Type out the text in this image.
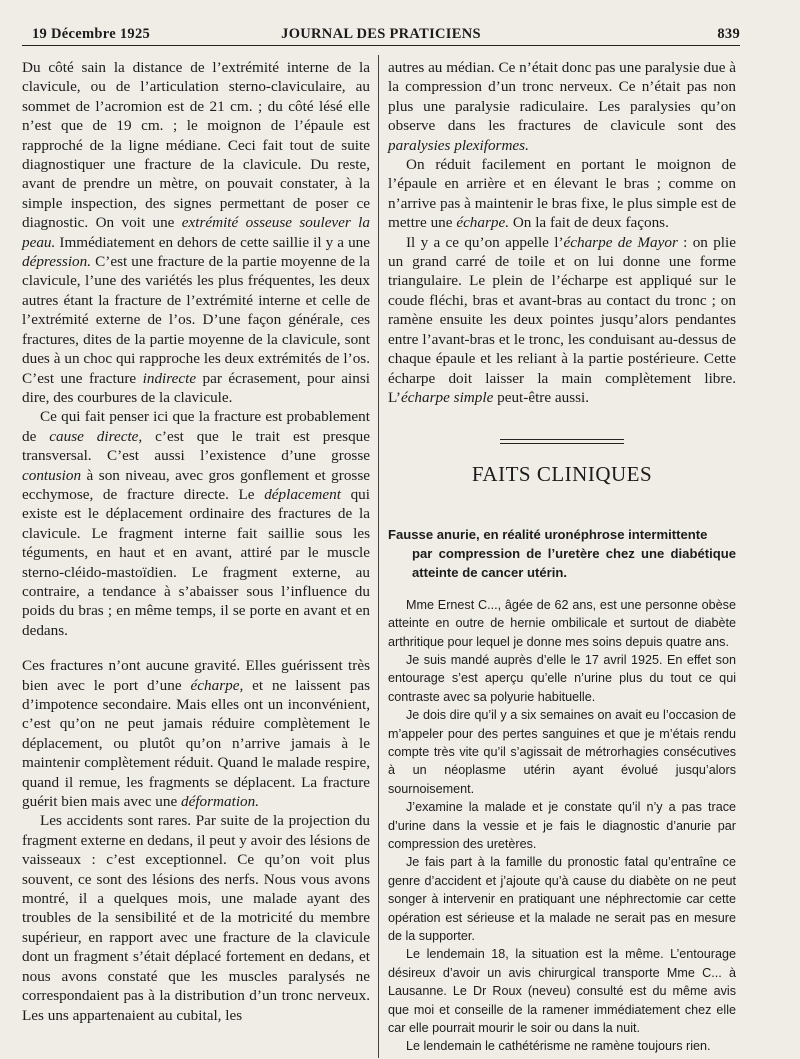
19 Décembre 1925	JOURNAL DES PRATICIENS	839

Du côté sain la distance de l’extrémité interne de la clavicule, ou de l’articulation sterno-claviculaire, au sommet de l’acromion est de 21 cm. ; du côté lésé elle n’est que de 19 cm. ; le moignon de l’épaule est rapproché de la ligne médiane. Ceci fait tout de suite diagnostiquer une fracture de la clavicule. Du reste, avant de prendre un mètre, on pouvait constater, à la simple inspection, des signes permettant de poser ce diagnostic. On voit une extrémité osseuse soulever la peau. Immédiatement en dehors de cette saillie il y a une dépression. C’est une fracture de la partie moyenne de la clavicule, l’une des variétés les plus fréquentes, les deux autres étant la fracture de l’extrémité interne et celle de l’extrémité externe de l’os. D’une façon générale, ces fractures, dites de la partie moyenne de la clavicule, sont dues à un choc qui rapproche les deux extrémités de l’os. C’est une fracture indirecte par écrasement, pour ainsi dire, des courbures de la clavicule.

Ce qui fait penser ici que la fracture est probablement de cause directe, c’est que le trait est presque transversal. C’est aussi l’existence d’une grosse contusion à son niveau, avec gros gonflement et grosse ecchymose, de fracture directe. Le déplacement qui existe est le déplacement ordinaire des fractures de la clavicule. Le fragment interne fait saillie sous les téguments, en haut et en avant, attiré par le muscle sterno-cléido-mastoïdien. Le fragment externe, au contraire, a tendance à s’abaisser sous l’influence du poids du bras ; en même temps, il se porte en avant et en dedans.

Ces fractures n’ont aucune gravité. Elles guérissent très bien avec le port d’une écharpe, et ne laissent pas d’impotence secondaire. Mais elles ont un inconvénient, c’est qu’on ne peut jamais réduire complètement le déplacement, ou plutôt qu’on n’arrive jamais à le maintenir complètement réduit. Quand le malade respire, quand il remue, les fragments se déplacent. La fracture guérit bien mais avec une déformation.

Les accidents sont rares. Par suite de la projection du fragment externe en dedans, il peut y avoir des lésions de vaisseaux : c’est exceptionnel. Ce qu’on voit plus souvent, ce sont des lésions des nerfs. Nous vous avons montré, il a quelques mois, une malade ayant des troubles de la sensibilité et de la motricité du membre supérieur, en rapport avec une fracture de la clavicule dont un fragment s’était déplacé fortement en dedans, et nous avons constaté que les muscles paralysés ne correspondaient pas à la distribution d’un tronc nerveux. Les uns appartenaient au cubital, les

autres au médian. Ce n’était donc pas une paralysie due à la compression d’un tronc nerveux. Ce n’était pas non plus une paralysie radiculaire. Les paralysies qu’on observe dans les fractures de clavicule sont des paralysies plexiformes.

On réduit facilement en portant le moignon de l’épaule en arrière et en élevant le bras ; comme on n’arrive pas à maintenir le bras fixe, le plus simple est de mettre une écharpe. On la fait de deux façons.

Il y a ce qu’on appelle l’écharpe de Mayor : on plie un grand carré de toile et on lui donne une forme triangulaire. Le plein de l’écharpe est appliqué sur le coude fléchi, bras et avant-bras au contact du tronc ; on ramène ensuite les deux pointes jusqu’alors pendantes entre l’avant-bras et le tronc, les conduisant au-dessus de chaque épaule et les reliant à la partie postérieure. Cette écharpe doit laisser la main complètement libre. L’écharpe simple peut-être aussi.

FAITS CLINIQUES
Fausse anurie, en réalité uronéphrose intermittente
par compression de l’uretère chez une diabétique atteinte de cancer utérin.

Mme Ernest C..., âgée de 62 ans, est une personne obèse atteinte en outre de hernie ombilicale et surtout de diabète arthritique pour lequel je donne mes soins depuis quatre ans.

Je suis mandé auprès d’elle le 17 avril 1925. En effet son entourage s’est aperçu qu’elle n’urine plus du tout ce qui contraste avec sa polyurie habituelle.

Je dois dire qu’il y a six semaines on avait eu l’occasion de m’appeler pour des pertes sanguines et que je m’étais rendu compte très vite qu’il s’agissait de métrorhagies consécutives à un néoplasme utérin ayant évolué jusqu’alors sournoisement.

J’examine la malade et je constate qu’il n’y a pas trace d’urine dans la vessie et je fais le diagnostic d’anurie par compression des uretères.

Je fais part à la famille du pronostic fatal qu’entraîne ce genre d’accident et j’ajoute qu’à cause du diabète on ne peut songer à intervenir en pratiquant une néphrectomie car cette opération est sérieuse et la malade ne serait pas en mesure de la supporter.

Le lendemain 18, la situation est la même. L’entourage désireux d’avoir un avis chirurgical transporte Mme C... à Lausanne. Le Dr Roux (neveu) consulté est du même avis que moi et conseille de la ramener immédiatement chez elle car elle pourrait mourir le soir ou dans la nuit.

Le lendemain le cathétérisme ne ramène toujours rien.
